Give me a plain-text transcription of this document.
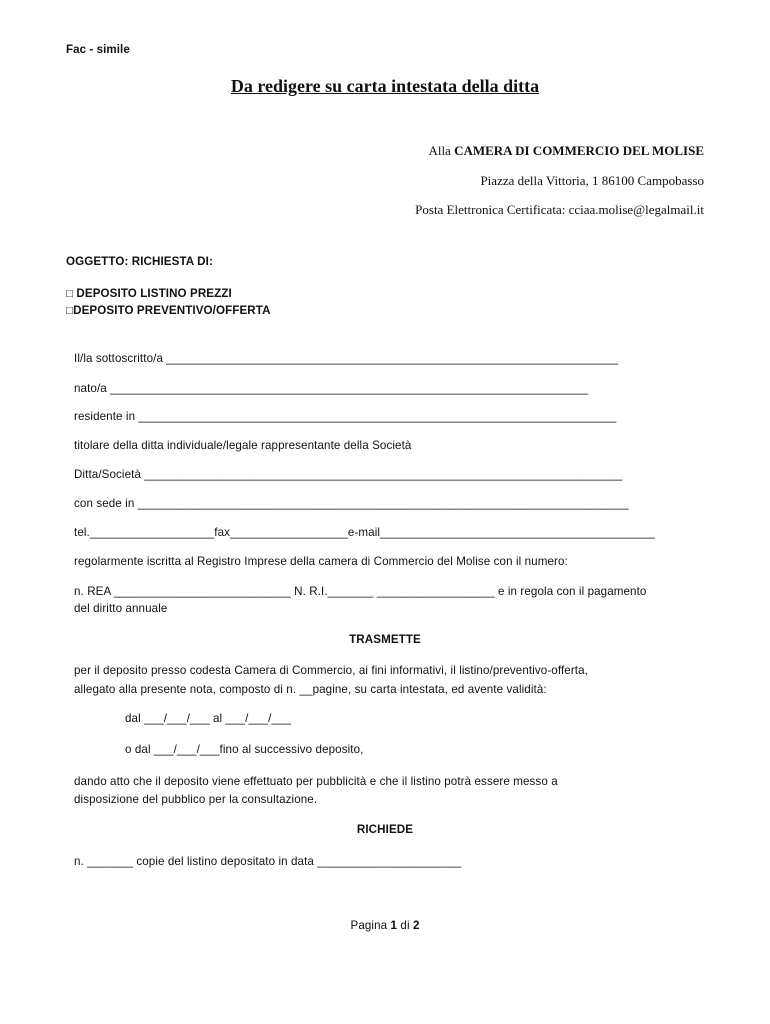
Fac - simile
Da redigere su carta intestata della ditta
Alla CAMERA DI COMMERCIO DEL MOLISE
Piazza della Vittoria, 1 86100 Campobasso
Posta Elettronica Certificata: cciaa.molise@legalmail.it
OGGETTO: RICHIESTA DI:
□ DEPOSITO LISTINO PREZZI
□DEPOSITO PREVENTIVO/OFFERTA
Il/la sottoscritto/a _____________________________________________________________________
nato/a _________________________________________________________________________
residente in _________________________________________________________________________
titolare della ditta individuale/legale rappresentante della Società
Ditta/Società _________________________________________________________________________
con sede in ___________________________________________________________________________
tel.___________________fax__________________e-mail__________________________________________
regolarmente iscritta al Registro Imprese della camera di Commercio del Molise con il numero:
n. REA ___________________________ N. R.I._______ __________________ e in regola con il pagamento
del diritto annuale
TRASMETTE
per il deposito presso codesta Camera di Commercio, ai fini informativi, il listino/preventivo-offerta,
allegato alla presente nota, composto di n. __pagine, su carta intestata, ed avente validità:
dal ___/___/___ al ___/___/___
o dal ___/___/___fino al successivo deposito,
dando atto che il deposito viene effettuato per pubblicità e che il listino potrà essere messo a
disposizione del pubblico per la consultazione.
RICHIEDE
n. _______ copie del listino depositato in data ______________________
Pagina 1 di 2
